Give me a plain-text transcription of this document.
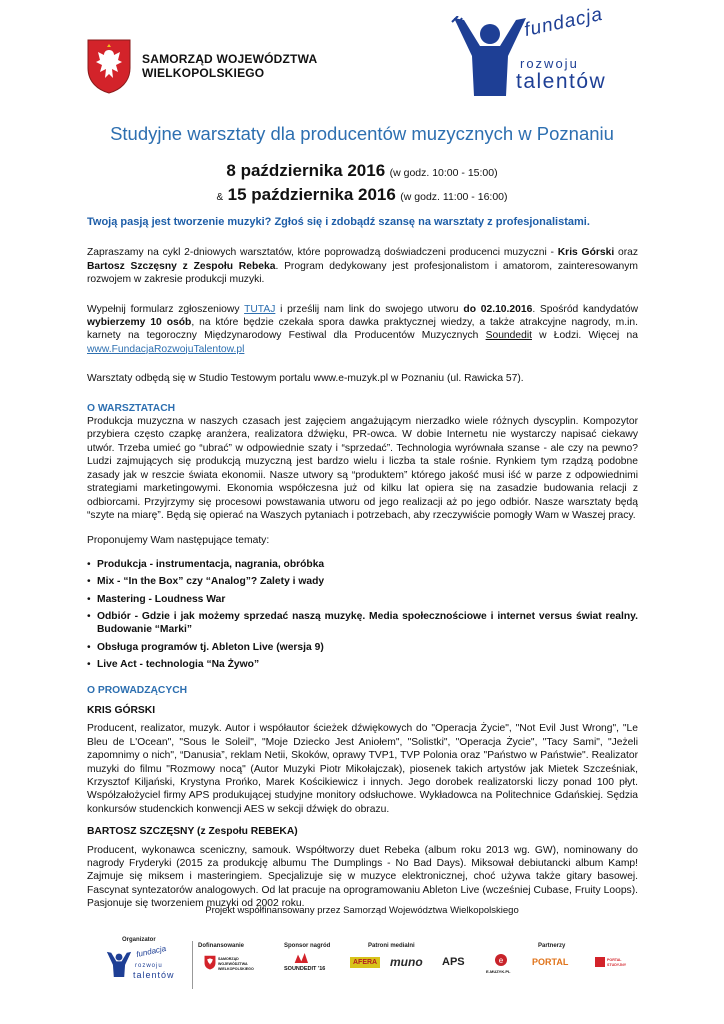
SAMORZĄD WOJEWÓDZTWA
WIELKOPOLSKIEGO
fundacja
rozwoju
talentów
Studyjne warsztaty dla producentów muzycznych w Poznaniu
8 października 2016 (w godz. 10:00 - 15:00)
& 15 października 2016 (w godz. 11:00 - 16:00)

Twoją pasją jest tworzenie muzyki? Zgłoś się i zdobądź szansę na warsztaty z profesjonalistami.

Zapraszamy na cykl 2-dniowych warsztatów, które poprowadzą doświadczeni producenci muzyczni - Kris Górski oraz Bartosz Szczęsny z Zespołu Rebeka. Program dedykowany jest profesjonalistom i amatorom, zainteresowanym rozwojem w zakresie produkcji muzyki.

Wypełnij formularz zgłoszeniowy TUTAJ i prześlij nam link do swojego utworu do 02.10.2016. Spośród kandydatów wybierzemy 10 osób, na które będzie czekała spora dawka praktycznej wiedzy, a także atrakcyjne nagrody, m.in. karnety na tegoroczny Międzynarodowy Festiwal dla Producentów Muzycznych Soundedit w Łodzi. Więcej na www.FundacjaRozwojuTalentow.pl

Warsztaty odbędą się w Studio Testowym portalu www.e-muzyk.pl w Poznaniu (ul. Rawicka 57).

O WARSZTATACH

Produkcja muzyczna w naszych czasach jest zajęciem angażującym nierzadko wiele różnych dyscyplin. Kompozytor przybiera często czapkę aranżera, realizatora dźwięku, PR-owca. W dobie Internetu nie wystarczy napisać ciekawy utwór. Trzeba umieć go “ubrać” w odpowiednie szaty i “sprzedać”. Technologia wyrównała szanse - ale czy na pewno? Ludzi zajmujących się produkcją muzyczną jest bardzo wielu i liczba ta stale rośnie. Rynkiem tym rządzą podobne zasady jak w reszcie świata ekonomii. Nasze utwory są “produktem” którego jakość musi iść w parze z odpowiednimi strategiami marketingowymi. Ekonomia współczesna już od kilku lat opiera się na zasadzie budowania relacji z odbiorcami. Przyjrzymy się procesowi powstawania utworu od jego realizacji aż po jego odbiór. Nasze warsztaty będą “szyte na miarę”. Będą się opierać na Waszych pytaniach i potrzebach, aby rzeczywiście pomogły Wam w Waszej pracy.

Proponujemy Wam następujące tematy:

• Produkcja - instrumentacja, nagrania, obróbka
• Mix - “In the Box” czy “Analog”? Zalety i wady
• Mastering - Loudness War
• Odbiór - Gdzie i jak możemy sprzedać naszą muzykę. Media społecznościowe i internet versus świat realny. Budowanie “Marki”
• Obsługa programów tj. Ableton Live (wersja 9)
• Live Act - technologia “Na Żywo”
O PROWADZĄCYCH
KRIS GÓRSKI

Producent, realizator, muzyk. Autor i współautor ścieżek dźwiękowych do "Operacja Życie", "Not Evil Just Wrong", "Le Bleu de L'Ocean", "Sous le Soleil", "Moje Dziecko Jest Aniołem", "Solistki", "Operacja Życie", "Tacy Sami", "Jeżeli zapomnimy o nich", “Danusia”, reklam Netii, Skoków, oprawy TVP1, TVP Polonia oraz "Państwo w Państwie". Realizator muzyki do filmu "Rozmowy nocą" (Autor Muzyki Piotr Mikołajczak), piosenek takich artystów jak Mietek Szcześniak, Krzysztof Kiljański, Krystyna Prońko, Marek Kościkiewicz i innych. Jego dorobek realizatorski liczy ponad 100 płyt. Współzałożyciel firmy APS produkującej studyjne monitory odsłuchowe. Wykładowca na Politechnice Gdańskiej. Sędzia konkursów studenckich konwencji AES w sekcji dźwięk do obrazu.

BARTOSZ SZCZĘSNY (z Zespołu REBEKA)

Producent, wykonawca sceniczny, samouk. Współtworzy duet Rebeka (album roku 2013 wg. GW), nominowany do nagrody Fryderyki (2015 za produkcję albumu The Dumplings - No Bad Days). Miksował debiutancki album Kamp! Zajmuje się miksem i masteringiem. Specjalizuje się w muzyce elektronicznej, choć używa także gitary basowej. Fascynat syntezatorów analogowych. Od lat pracuje na oprogramowaniu Ableton Live (wcześniej Cubase, Fruity Loops). Pasjonuje się tworzeniem muzyki od 2002 roku.

Projekt współfinansowany przez Samorząd Województwa Wielkopolskiego
Organizator
fundacja
rozwoju
talentów
Dofinansowanie
SAMORZĄD WOJEWÓDZTWA WIELKOPOLSKIEGO
Sponsor nagród
SOUNDEDIT '16
Patroni medialni
AFERA muno APS	e
E-MUZYK.PL
Partnerzy
PORTAL	PORTAL STUDYJNY
